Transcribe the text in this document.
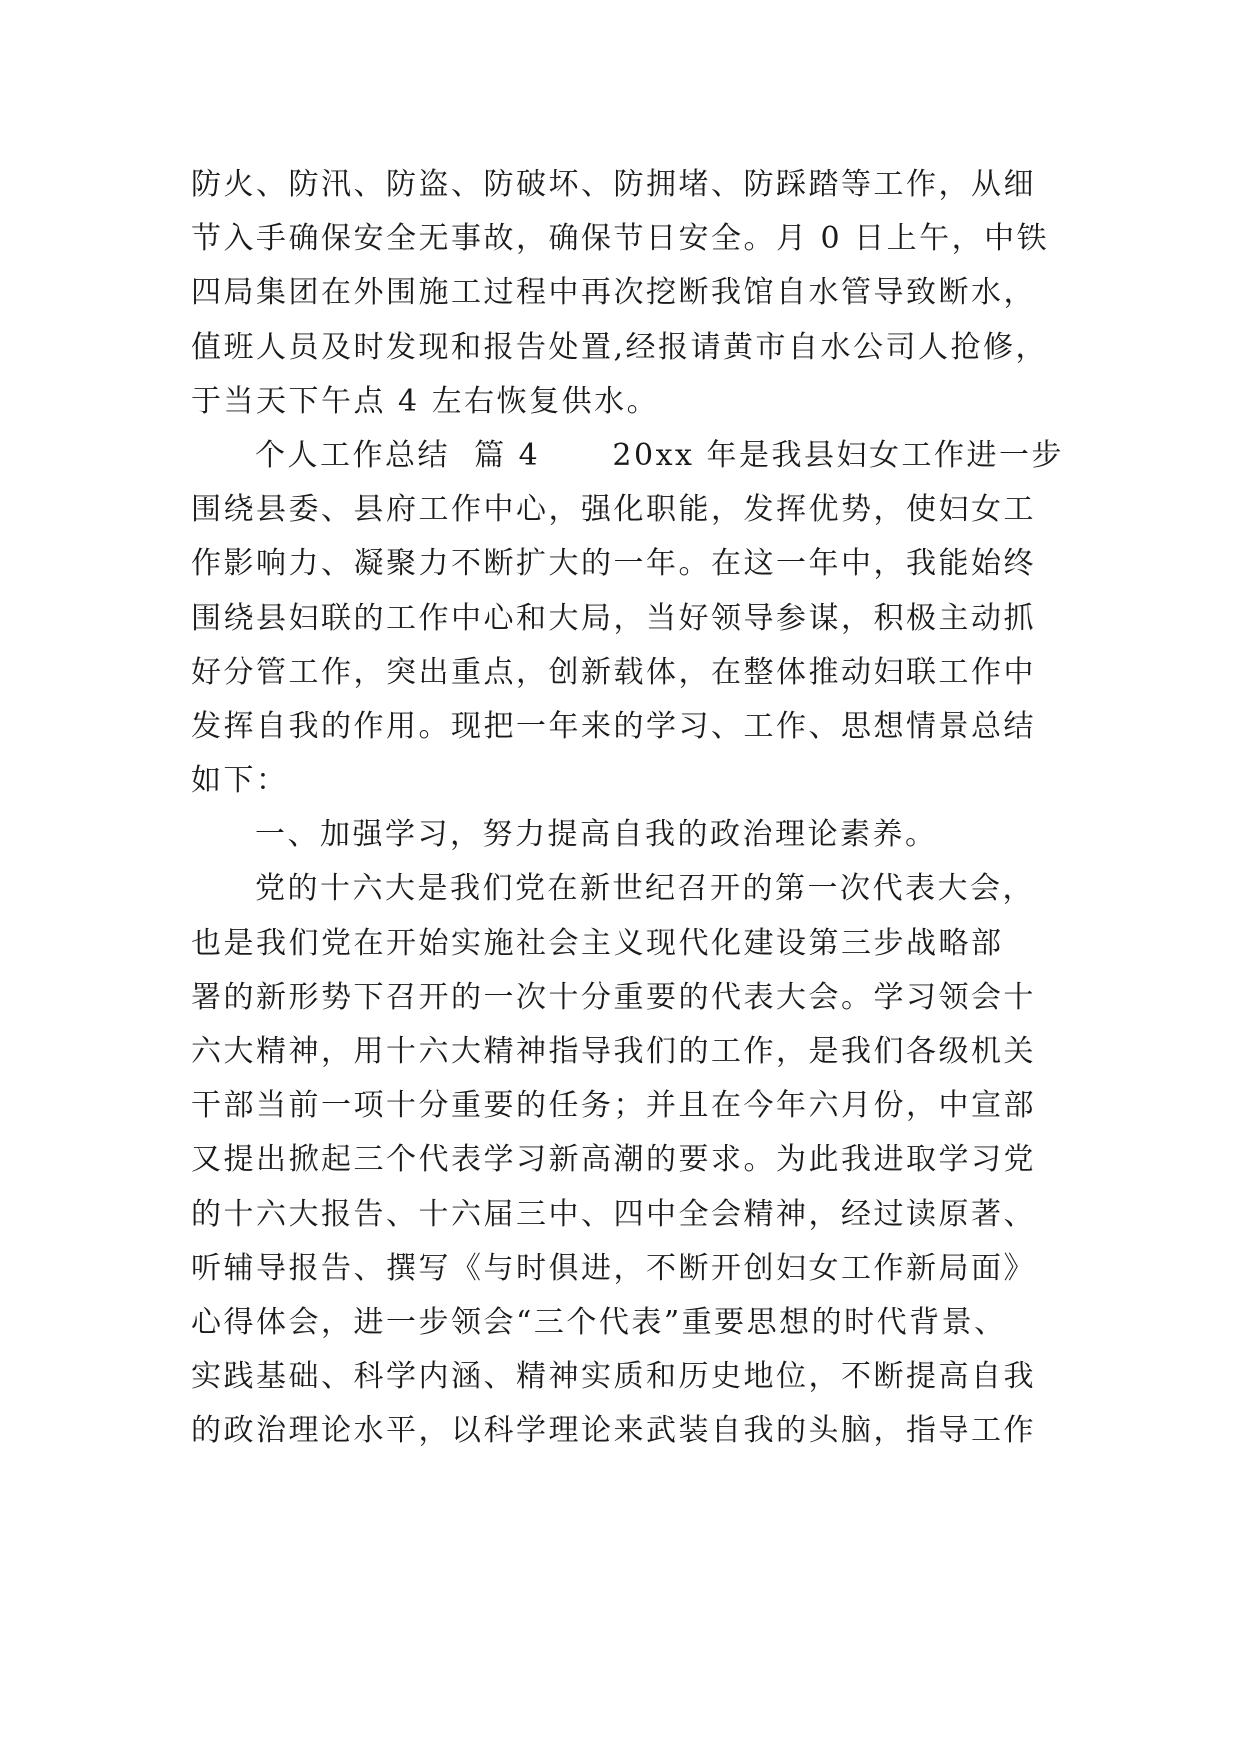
防火、防汛、防盗、防破坏、防拥堵、防踩踏等工作，从细
节入手确保安全无事故，确保节日安全。月 0 日上午，中铁
四局集团在外围施工过程中再次挖断我馆自水管导致断水，
值班人员及时发现和报告处置,经报请黄市自水公司人抢修，
于当天下午点 4 左右恢复供水。
个人工作总结  篇 4      20xx 年是我县妇女工作进一步
围绕县委、县府工作中心，强化职能，发挥优势，使妇女工
作影响力、凝聚力不断扩大的一年。在这一年中，我能始终
围绕县妇联的工作中心和大局，当好领导参谋，积极主动抓
好分管工作，突出重点，创新载体，在整体推动妇联工作中
发挥自我的作用。现把一年来的学习、工作、思想情景总结
如下：
一、加强学习，努力提高自我的政治理论素养。
党的十六大是我们党在新世纪召开的第一次代表大会，
也是我们党在开始实施社会主义现代化建设第三步战略部
署的新形势下召开的一次十分重要的代表大会。学习领会十
六大精神，用十六大精神指导我们的工作，是我们各级机关
干部当前一项十分重要的任务；并且在今年六月份，中宣部
又提出掀起三个代表学习新高潮的要求。为此我进取学习党
的十六大报告、十六届三中、四中全会精神，经过读原著、
听辅导报告、撰写《与时俱进，不断开创妇女工作新局面》
心得体会，进一步领会“三个代表”重要思想的时代背景、
实践基础、科学内涵、精神实质和历史地位，不断提高自我
的政治理论水平，以科学理论来武装自我的头脑，指导工作
